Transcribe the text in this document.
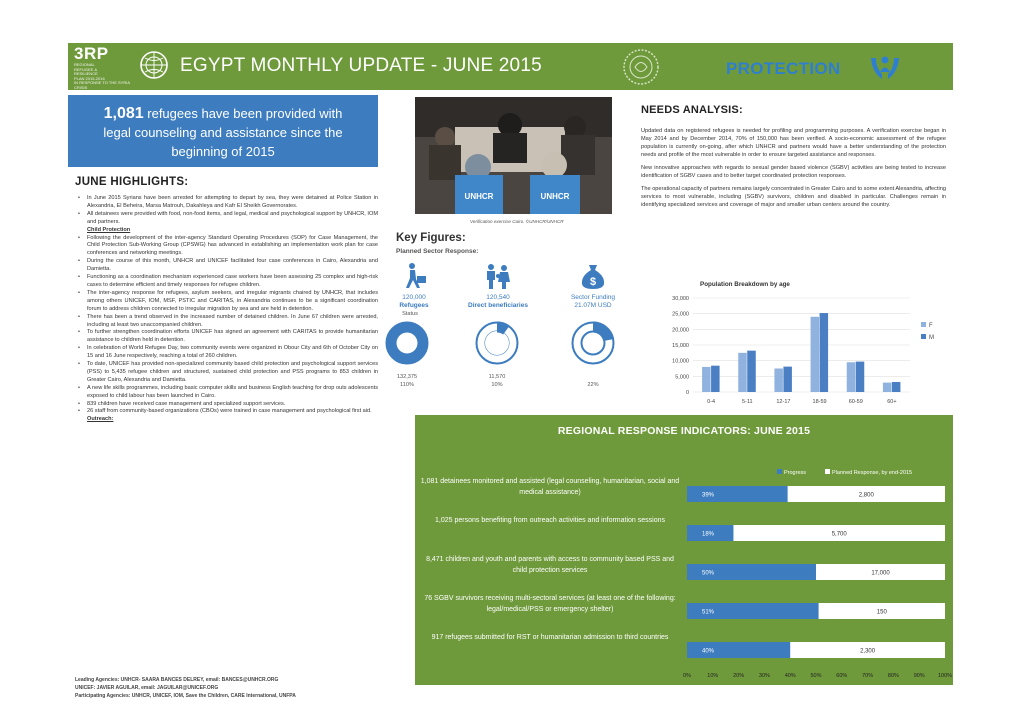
3RP
REGIONAL
REFUGEE &
RESILIENCE
PLAN 2015-2016
IN RESPONSE TO THE SYRIA CRISIS
EGYPT MONTHLY UPDATE - JUNE 2015	PROTECTION
1,081 refugees have been provided with
legal counseling and assistance since the
beginning of 2015
JUNE HIGHLIGHTS:
• In June 2015 Syrians have been arrested for attempting to depart by sea, they were detained at Police Station in Alexandria, El Beheira, Marsa Matrouh, Dakahleya and Kafr El Sheikh Governorates.
• All detainees were provided with food, non-food items, and legal, medical and psychological support by UNHCR, IOM and partners.
Child Protection
• Following the development of the inter-agency Standard Operating Procedures (SOP) for Case Management, the Child Protection Sub-Working Group (CPSWG) has advanced in establishing an implementation work plan for case conferences and networking meetings.
• During the course of this month, UNHCR and UNICEF facilitated four case conferences in Cairo, Alexandria and Damietta.
• Functioning as a coordination mechanism experienced case workers have been assessing 25 complex and high-risk cases to determine efficient and timely responses for refugee children.
• The inter-agency response for refugees, asylum seekers, and irregular migrants chaired by UNHCR, that includes among others UNICEF, IOM, MSF, PSTIC and CARITAS, in Alexandria continues to be a significant coordination forum to address children connected to irregular migration by sea and are held in detention.
• There has been a trend observed in the increased number of detained children. In June 67 children were arrested, including at least two unaccompanied children.
• To further strengthen coordination efforts UNICEF has signed an agreement with CARITAS to provide humanitarian assistance to children held in detention.
• In celebration of World Refugee Day, two community events were organized in Obour City and 6th of October City on 15 and 16 June respectively, reaching a total of 260 children.
• To date, UNICEF has provided non-specialized community based child protection and psychological support services (PSS) to 5,435 refugee children and structured, sustained child protection and PSS programs to 853 children in Greater Cairo, Alexandria and Damietta.
• A new life skills programmes, including basic computer skills and business English teaching for drop outs adolescents exposed to child labour has been launched in Cairo.
• 839 children have received case management and specialized support services.
• 26 staff from community-based organizations (CBOs) were trained in case management and psychological first aid.
Outreach:
Leading Agencies: UNHCR- SAARA BANCES DELREY, email: BANCES@UNHCR.ORG
UNICEF: JAVIER AGUILAR, email: JAGUILAR@UNICEF.ORG
Participating Agencies: UNHCR, UNICEF, IOM, Save the Children, CARE International, UNFPA
UNHCR	UNHCR
Verification exercise Cairo. ©UNHCR/UNHCR
Key Figures:
Planned Sector Response:
120,000
Refugees
Status
132,375
110%
120,540
Direct beneficiaries
11,570
10%
$
Sector Funding
21.07M USD
22%
NEEDS ANALYSIS:

Updated data on registered refugees is needed for profiling and programming purposes. A verification exercise began in May 2014 and by December 2014, 70% of 150,000 has been verified. A socio-economic assessment of the refugee population is currently on-going, after which UNHCR and partners would have a better understanding of the protection needs and profile of the most vulnerable in order to ensure targeted assistance and responses.

New innovative approaches with regards to sexual gender based violence (SGBV) activities are being tested to increase identification of SGBV cases and to better target coordinated protection responses.

The operational capacity of partners remains largely concentrated in Greater Cairo and to some extent Alexandria, affecting services to most vulnerable, including (SGBV) survivors, children and disabled in particular. Challenges remain in identifying specialized services and coverage of major and smaller urban centers around the country.

Population Breakdown by age
0
5,000
10,000
15,000
20,000
25,000
30,000
0-4	5-11	12-17	18-59	60-59	60+
F
M
REGIONAL RESPONSE INDICATORS: JUNE 2015
1,081 detainees monitored and assisted (legal counseling, humanitarian, social and medical assistance)
1,025 persons benefiting from outreach activities and information sessions
8,471 children and youth and parents with access to community based PSS and child protection services
76 SGBV survivors receiving multi-sectoral services (at least one of the following: legal/medical/PSS or emergency shelter)
917 refugees submitted for RST or humanitarian admission to third countries
Progress	Planned Response, by end-2015
39%	2,800
18%	5,700
50%	17,000
51%	150
40%	2,300
0%	10%	20%	30%	40%	50%	60%	70%	80%	90% 100%
